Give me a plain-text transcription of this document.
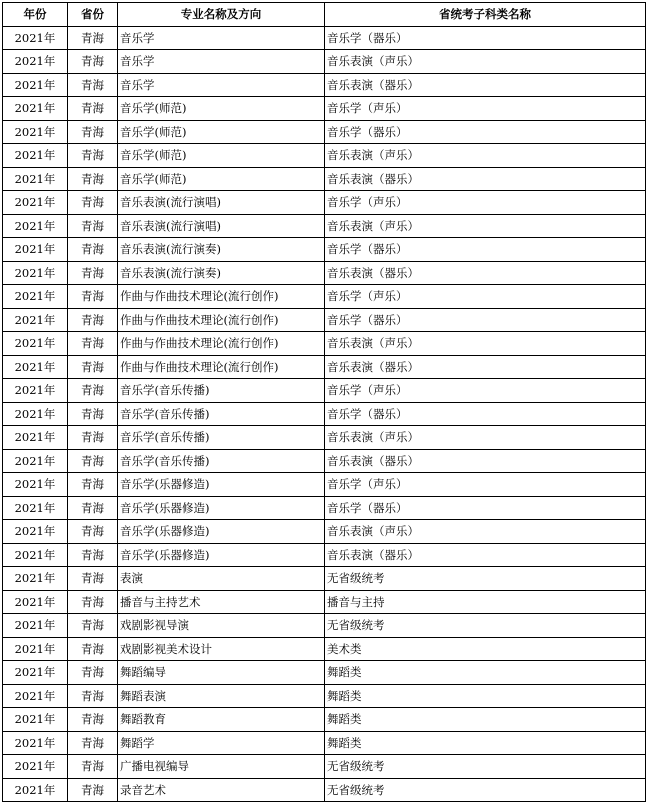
年份	省份	专业名称及方向	省统考子科类名称
2021年	青海	音乐学	音乐学（器乐）
2021年	青海	音乐学	音乐表演（声乐）
2021年	青海	音乐学	音乐表演（器乐）
2021年	青海	音乐学(师范)	音乐学（声乐）
2021年	青海	音乐学(师范)	音乐学（器乐）
2021年	青海	音乐学(师范)	音乐表演（声乐）
2021年	青海	音乐学(师范)	音乐表演（器乐）
2021年	青海	音乐表演(流行演唱)	音乐学（声乐）
2021年	青海	音乐表演(流行演唱)	音乐表演（声乐）
2021年	青海	音乐表演(流行演奏)	音乐学（器乐）
2021年	青海	音乐表演(流行演奏)	音乐表演（器乐）
2021年	青海	作曲与作曲技术理论(流行创作)	音乐学（声乐）
2021年	青海	作曲与作曲技术理论(流行创作)	音乐学（器乐）
2021年	青海	作曲与作曲技术理论(流行创作)	音乐表演（声乐）
2021年	青海	作曲与作曲技术理论(流行创作)	音乐表演（器乐）
2021年	青海	音乐学(音乐传播)	音乐学（声乐）
2021年	青海	音乐学(音乐传播)	音乐学（器乐）
2021年	青海	音乐学(音乐传播)	音乐表演（声乐）
2021年	青海	音乐学(音乐传播)	音乐表演（器乐）
2021年	青海	音乐学(乐器修造)	音乐学（声乐）
2021年	青海	音乐学(乐器修造)	音乐学（器乐）
2021年	青海	音乐学(乐器修造)	音乐表演（声乐）
2021年	青海	音乐学(乐器修造)	音乐表演（器乐）
2021年	青海	表演	无省级统考
2021年	青海	播音与主持艺术	播音与主持
2021年	青海	戏剧影视导演	无省级统考
2021年	青海	戏剧影视美术设计	美术类
2021年	青海	舞蹈编导	舞蹈类
2021年	青海	舞蹈表演	舞蹈类
2021年	青海	舞蹈教育	舞蹈类
2021年	青海	舞蹈学	舞蹈类
2021年	青海	广播电视编导	无省级统考
2021年	青海	录音艺术	无省级统考
